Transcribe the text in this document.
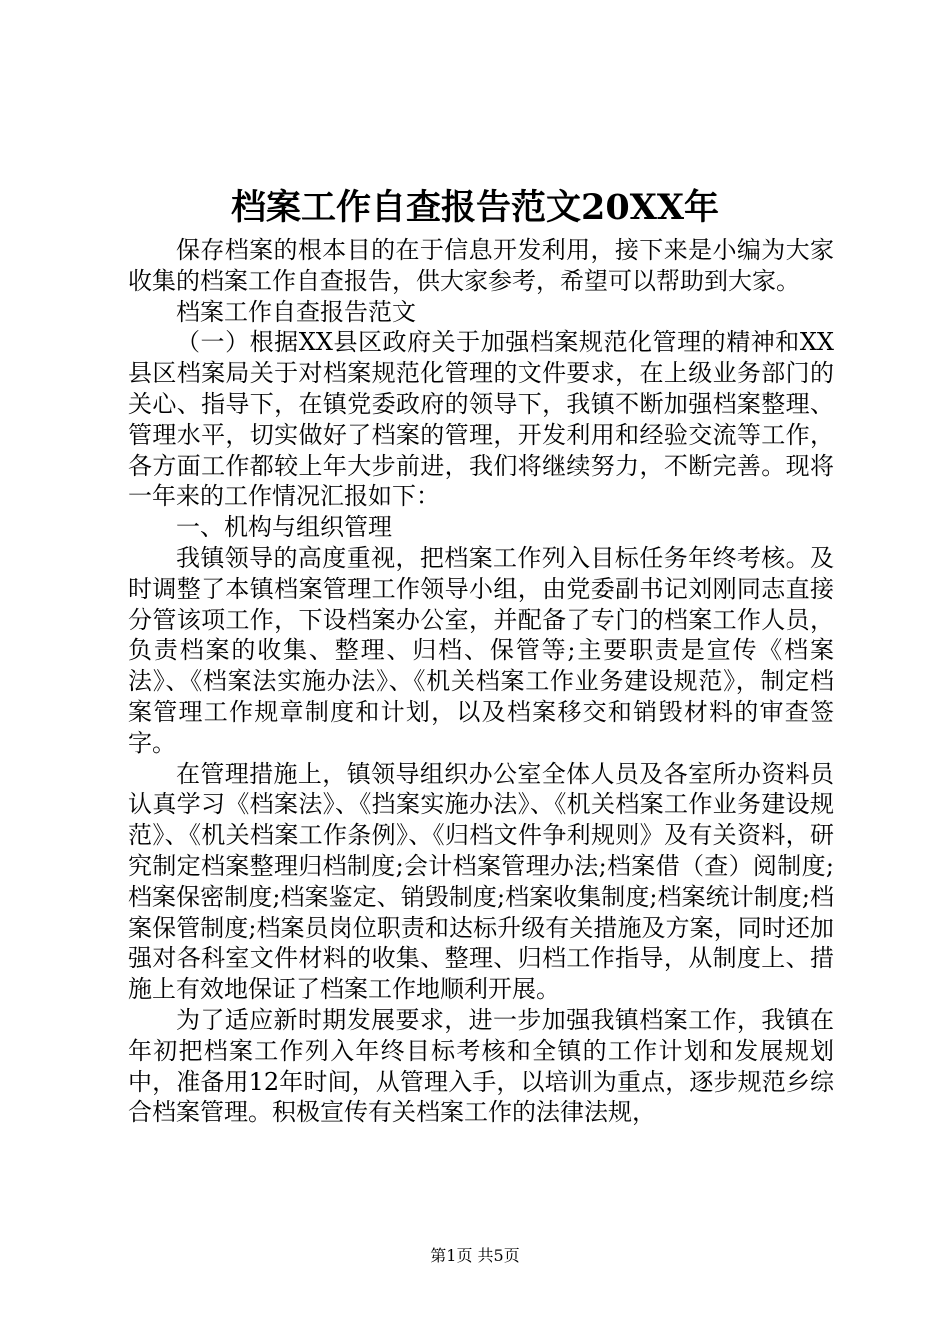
档案工作自查报告范文20XX年

保存档案的根本目的在于信息开发利用，接下来是小编为大家收集的档案工作自查报告，供大家参考，希望可以帮助到大家。

档案工作自查报告范文

（一）根据XX县区政府关于加强档案规范化管理的精神和XX县区档案局关于对档案规范化管理的文件要求，在上级业务部门的关心、指导下，在镇党委政府的领导下，我镇不断加强档案整理、管理水平，切实做好了档案的管理，开发利用和经验交流等工作，各方面工作都较上年大步前进，我们将继续努力，不断完善。现将一年来的工作情况汇报如下：

一、机构与组织管理

我镇领导的高度重视，把档案工作列入目标任务年终考核。及时调整了本镇档案管理工作领导小组，由党委副书记刘刚同志直接分管该项工作，下设档案办公室，并配备了专门的档案工作人员，负责档案的收集、整理、归档、保管等;主要职责是宣传《档案法》、《档案法实施办法》、《机关档案工作业务建设规范》，制定档案管理工作规章制度和计划，以及档案移交和销毁材料的审查签字。

在管理措施上，镇领导组织办公室全体人员及各室所办资料员认真学习《档案法》、《挡案实施办法》、《机关档案工作业务建设规范》、《机关档案工作条例》、《归档文件争利规则》及有关资料，研究制定档案整理归档制度;会计档案管理办法;档案借（查）阅制度;档案保密制度;档案鉴定、销毁制度;档案收集制度;档案统计制度;档案保管制度;档案员岗位职责和达标升级有关措施及方案，同时还加强对各科室文件材料的收集、整理、归档工作指导，从制度上、措施上有效地保证了档案工作地顺利开展。

为了适应新时期发展要求，进一步加强我镇档案工作，我镇在年初把档案工作列入年终目标考核和全镇的工作计划和发展规划中，准备用12年时间，从管理入手，以培训为重点，逐步规范乡综合档案管理。积极宣传有关档案工作的法律法规，

第1页 共5页
